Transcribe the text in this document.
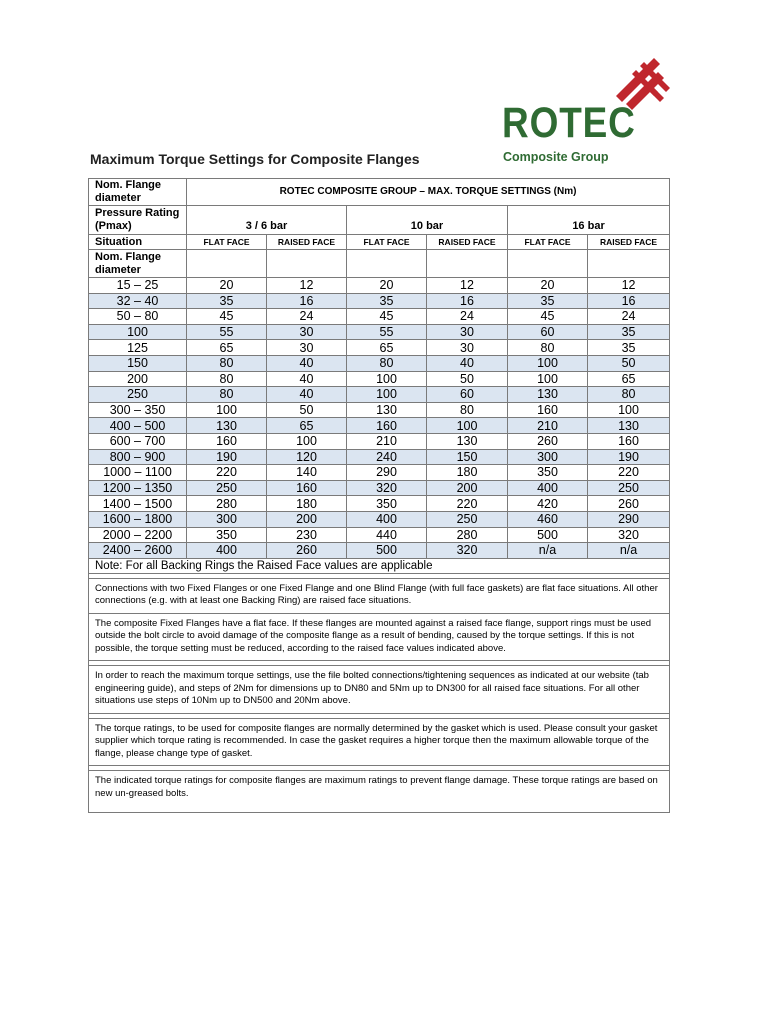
ROTEC
Composite Group
Maximum Torque Settings for Composite Flanges
Nom. Flange diameter	ROTEC COMPOSITE GROUP – MAX. TORQUE SETTINGS (Nm)					
Pressure Rating (Pmax)	3 / 6 bar		10 bar		16 bar	
Situation	FLAT FACE	RAISED FACE	FLAT FACE	RAISED FACE	FLAT FACE	RAISED FACE
Nom. Flange diameter						
15 – 25	20	12	20	12	20	12
32 – 40	35	16	35	16	35	16
50 – 80	45	24	45	24	45	24
100	55	30	55	30	60	35
125	65	30	65	30	80	35
150	80	40	80	40	100	50
200	80	40	100	50	100	65
250	80	40	100	60	130	80
300 – 350	100	50	130	80	160	100
400 – 500	130	65	160	100	210	130
600 – 700	160	100	210	130	260	160
800 – 900	190	120	240	150	300	190
1000 – 1100	220	140	290	180	350	220
1200 – 1350	250	160	320	200	400	250
1400 – 1500	280	180	350	220	420	260
1600 – 1800	300	200	400	250	460	290
2000 – 2200	350	230	440	280	500	320
2400 – 2600	400	260	500	320	n/a	n/a
Note: For all Backing Rings the Raised Face values are applicable						

Connections with two Fixed Flanges or one Fixed Flange and one Blind Flange (with full face gaskets) are flat face situations. All other connections (e.g. with at least one Backing Ring) are raised face situations.						
The composite Fixed Flanges have a flat face. If these flanges are mounted against a raised face flange, support rings must be used outside the bolt circle to avoid damage of the composite flange as a result of bending, caused by the torque settings. If this is not possible, the torque setting must be reduced, according to the raised face values indicated above.						

In order to reach the maximum torque settings, use the file bolted connections/tightening sequences as indicated at our website (tab engineering guide), and steps of 2Nm for dimensions up to DN80 and 5Nm up to DN300 for all raised face situations. For all other situations use steps of 10Nm up to DN500 and 20Nm above.						

The torque ratings, to be used for composite flanges are normally determined by the gasket which is used. Please consult your gasket supplier which torque rating is recommended. In case the gasket requires a higher torque then the maximum allowable torque of the flange, please change type of gasket.						

The indicated torque ratings for composite flanges are maximum ratings to prevent flange damage. These torque ratings are based on new un-greased bolts.						
